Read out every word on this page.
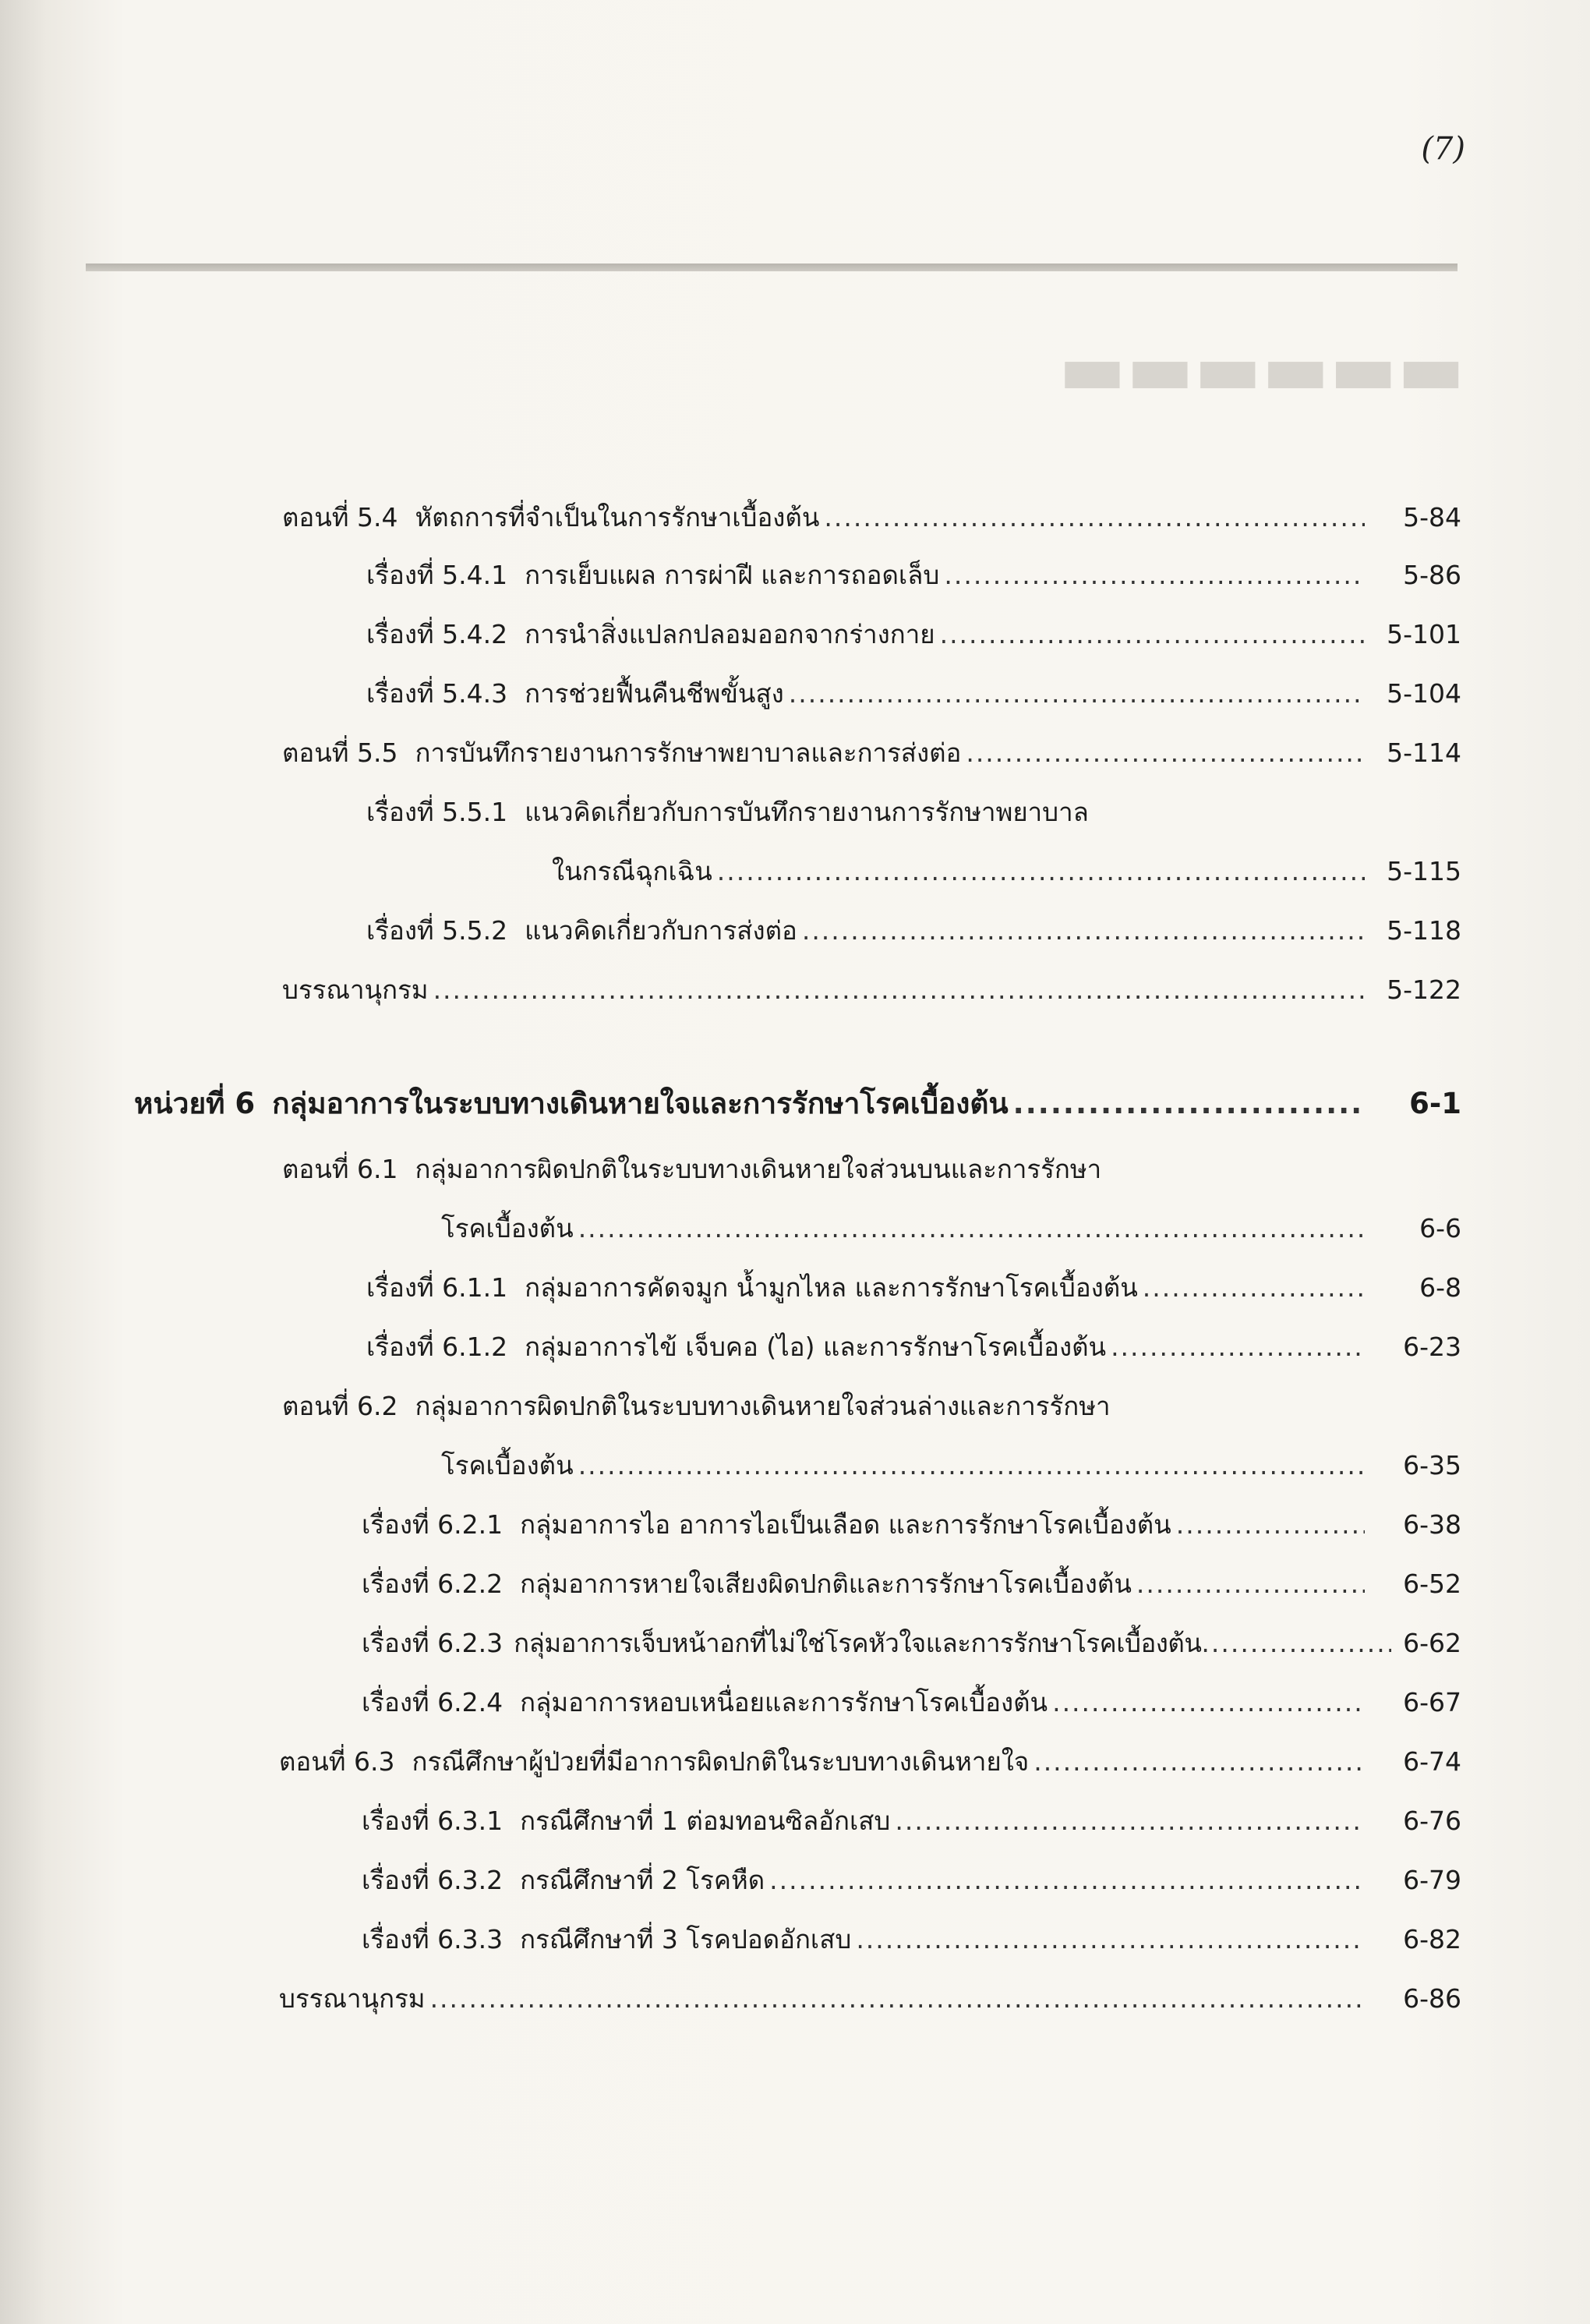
(7)
▬▬▬▬▬▬
ตอนที่ 5.4 หัตถการที่จำเป็นในการรักษาเบื้องต้น .....	5-84
เรื่องที่ 5.4.1 การเย็บแผล การผ่าฝี และการถอดเล็บ .....	5-86
เรื่องที่ 5.4.2 การนำสิ่งแปลกปลอมออกจากร่างกาย .....	5-101
เรื่องที่ 5.4.3 การช่วยฟื้นคืนชีพขั้นสูง .....	5-104
ตอนที่ 5.5 การบันทึกรายงานการรักษาพยาบาลและการส่งต่อ .....	5-114
เรื่องที่ 5.5.1 แนวคิดเกี่ยวกับการบันทึกรายงานการรักษาพยาบาล
ในกรณีฉุกเฉิน .....	5-115
เรื่องที่ 5.5.2 แนวคิดเกี่ยวกับการส่งต่อ .....	5-118
บรรณานุกรม .....	5-122
หน่วยที่ 6 กลุ่มอาการในระบบทางเดินหายใจและการรักษาโรคเบื้องต้น .....	6-1
ตอนที่ 6.1 กลุ่มอาการผิดปกติในระบบทางเดินหายใจส่วนบนและการรักษา
โรคเบื้องต้น .....	6-6
เรื่องที่ 6.1.1 กลุ่มอาการคัดจมูก น้ำมูกไหล และการรักษาโรคเบื้องต้น .....	6-8
เรื่องที่ 6.1.2 กลุ่มอาการไข้ เจ็บคอ (ไอ) และการรักษาโรคเบื้องต้น .....	6-23
ตอนที่ 6.2 กลุ่มอาการผิดปกติในระบบทางเดินหายใจส่วนล่างและการรักษา
โรคเบื้องต้น .....	6-35
เรื่องที่ 6.2.1 กลุ่มอาการไอ อาการไอเป็นเลือด และการรักษาโรคเบื้องต้น .....	6-38
เรื่องที่ 6.2.2 กลุ่มอาการหายใจเสียงผิดปกติและการรักษาโรคเบื้องต้น .....	6-52
เรื่องที่ 6.2.3 กลุ่มอาการเจ็บหน้าอกที่ไม่ใช่โรคหัวใจและการรักษาโรคเบื้องต้น .....	6-62
เรื่องที่ 6.2.4 กลุ่มอาการหอบเหนื่อยและการรักษาโรคเบื้องต้น .....	6-67
ตอนที่ 6.3 กรณีศึกษาผู้ป่วยที่มีอาการผิดปกติในระบบทางเดินหายใจ .....	6-74
เรื่องที่ 6.3.1 กรณีศึกษาที่ 1 ต่อมทอนซิลอักเสบ .....	6-76
เรื่องที่ 6.3.2 กรณีศึกษาที่ 2 โรคหืด .....	6-79
เรื่องที่ 6.3.3 กรณีศึกษาที่ 3 โรคปอดอักเสบ .....	6-82
บรรณานุกรม .....	6-86
